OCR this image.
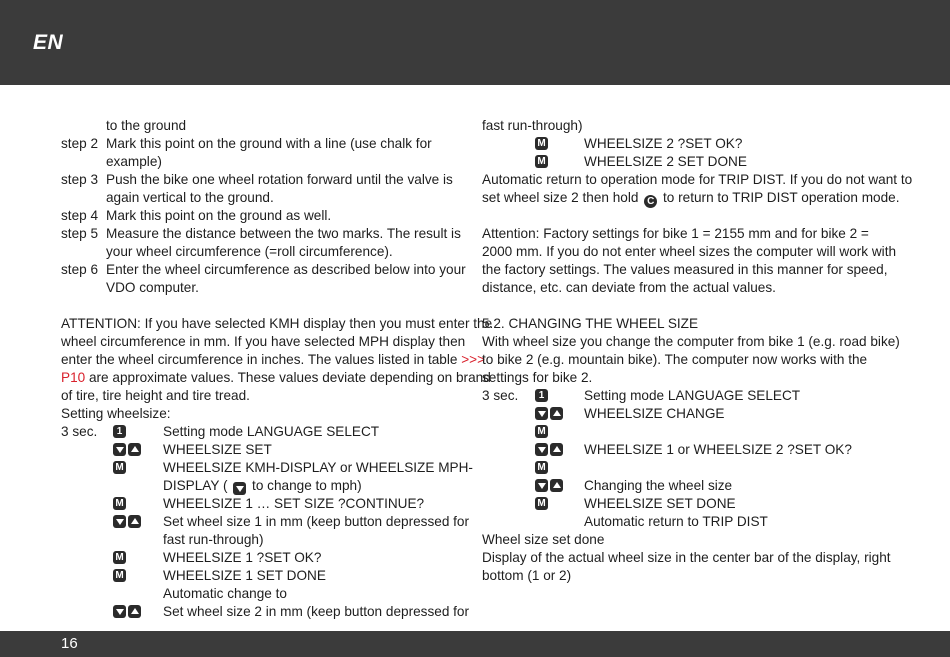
EN
to the ground
step 2 Mark this point on the ground with a line (use chalk for
example)
step 3 Push the bike one wheel rotation forward until the valve is
again vertical to the ground.
step 4 Mark this point on the ground as well.
step 5 Measure the distance between the two marks. The result is
your wheel circumference (=roll circumference).
step 6 Enter the wheel circumference as described below into your
VDO computer.
ATTENTION: If you have selected KMH display then you must enter the
wheel circumference in mm. If you have selected MPH display then
enter the wheel circumference in inches. The values listed in table >>>
P10 are approximate values. These values deviate depending on brand
of tire, tire height and tire tread.
Setting wheelsize:
3 sec.	1	Setting mode LANGUAGE SELECT
WHEELSIZE SET
M	WHEELSIZE KMH-DISPLAY or WHEELSIZE MPH-
DISPLAY ( to change to mph)
M	WHEELSIZE 1 … SET SIZE ?CONTINUE?
Set wheel size 1 in mm (keep button depressed for
fast run-through)
M	WHEELSIZE 1 ?SET OK?
M	WHEELSIZE 1 SET DONE
Automatic change to
Set wheel size 2 in mm (keep button depressed for
fast run-through)
M	WHEELSIZE 2 ?SET OK?
M	WHEELSIZE 2 SET DONE
Automatic return to operation mode for TRIP DIST. If you do not want to
set wheel size 2 then hold C to return to TRIP DIST operation mode.
Attention: Factory settings for bike 1 = 2155 mm and for bike 2 =
2000 mm. If you do not enter wheel sizes the computer will work with
the factory settings. The values measured in this manner for speed,
distance, etc. can deviate from the actual values.
5.2. CHANGING THE WHEEL SIZE
With wheel size you change the computer from bike 1 (e.g. road bike)
to bike 2 (e.g. mountain bike). The computer now works with the
settings for bike 2.
3 sec.	1	Setting mode LANGUAGE SELECT
WHEELSIZE CHANGE
M
WHEELSIZE 1 or WHEELSIZE 2 ?SET OK?
M
Changing the wheel size
M	WHEELSIZE SET DONE
Automatic return to TRIP DIST
Wheel size set done
Display of the actual wheel size in the center bar of the display, right
bottom (1 or 2)
16
